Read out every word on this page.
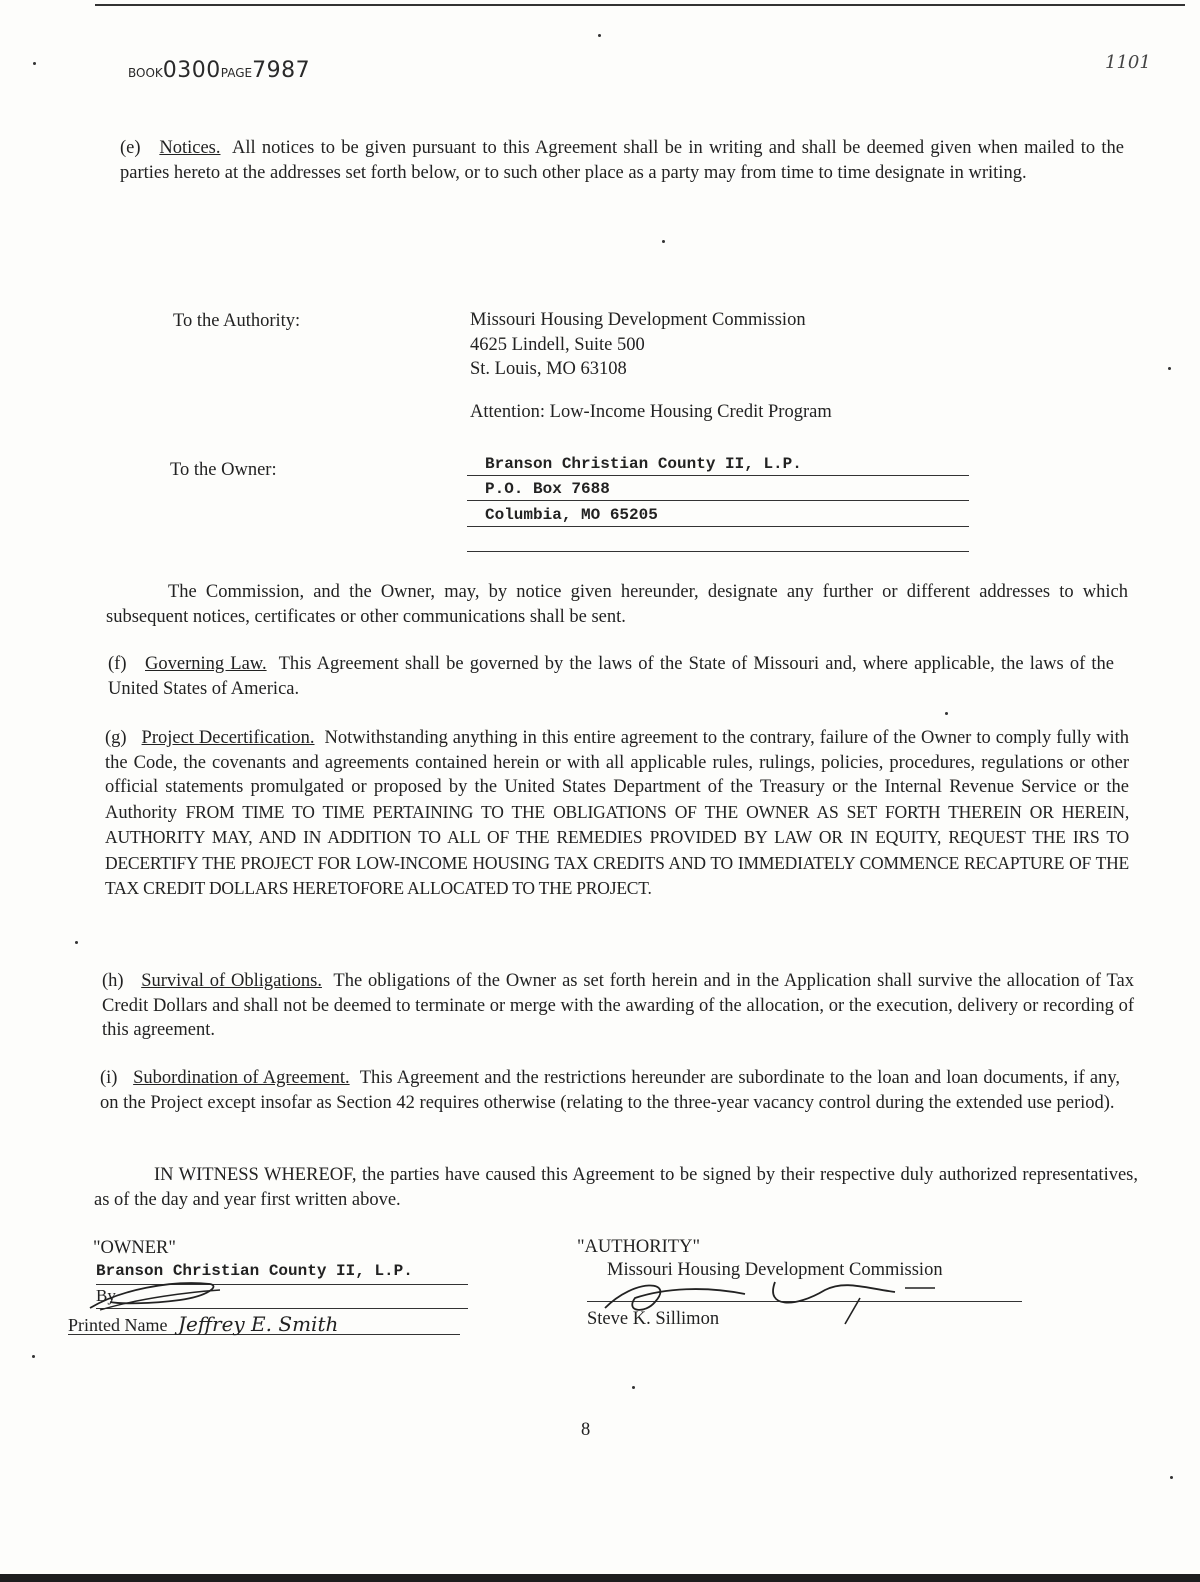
BOOK0300PAGE7987	1101

(e) Notices. All notices to be given pursuant to this Agreement shall be in writing and shall be deemed given when mailed to the parties hereto at the addresses set forth below, or to such other place as a party may from time to time designate in writing.

To the Authority:	Missouri Housing Development Commission
4625 Lindell, Suite 500
St. Louis, MO 63108
Attention: Low-Income Housing Credit Program
To the Owner:	Branson Christian County II, L.P.
P.O. Box 7688
Columbia, MO 65205

The Commission, and the Owner, may, by notice given hereunder, designate any further or different addresses to which subsequent notices, certificates or other communications shall be sent.

(f) Governing Law. This Agreement shall be governed by the laws of the State of Missouri and, where applicable, the laws of the United States of America.

(g) Project Decertification. Notwithstanding anything in this entire agreement to the contrary, failure of the Owner to comply fully with the Code, the covenants and agreements contained herein or with all applicable rules, rulings, policies, procedures, regulations or other official statements promulgated or proposed by the United States Department of the Treasury or the Internal Revenue Service or the Authority FROM TIME TO TIME PERTAINING TO THE OBLIGATIONS OF THE OWNER AS SET FORTH THEREIN OR HEREIN, AUTHORITY MAY, AND IN ADDITION TO ALL OF THE REMEDIES PROVIDED BY LAW OR IN EQUITY, REQUEST THE IRS TO DECERTIFY THE PROJECT FOR LOW-INCOME HOUSING TAX CREDITS AND TO IMMEDIATELY COMMENCE RECAPTURE OF THE TAX CREDIT DOLLARS HERETOFORE ALLOCATED TO THE PROJECT.

(h) Survival of Obligations. The obligations of the Owner as set forth herein and in the Application shall survive the allocation of Tax Credit Dollars and shall not be deemed to terminate or merge with the awarding of the allocation, or the execution, delivery or recording of this agreement.

(i) Subordination of Agreement. This Agreement and the restrictions hereunder are subordinate to the loan and loan documents, if any, on the Project except insofar as Section 42 requires otherwise (relating to the three-year vacancy control during the extended use period).

IN WITNESS WHEREOF, the parties have caused this Agreement to be signed by their respective duly authorized representatives, as of the day and year first written above.

"OWNER"
Branson Christian County II, L.P.
By
Printed Name Jeffrey E. Smith
"AUTHORITY"
Missouri Housing Development Commission
Steve K. Sillimon
8
